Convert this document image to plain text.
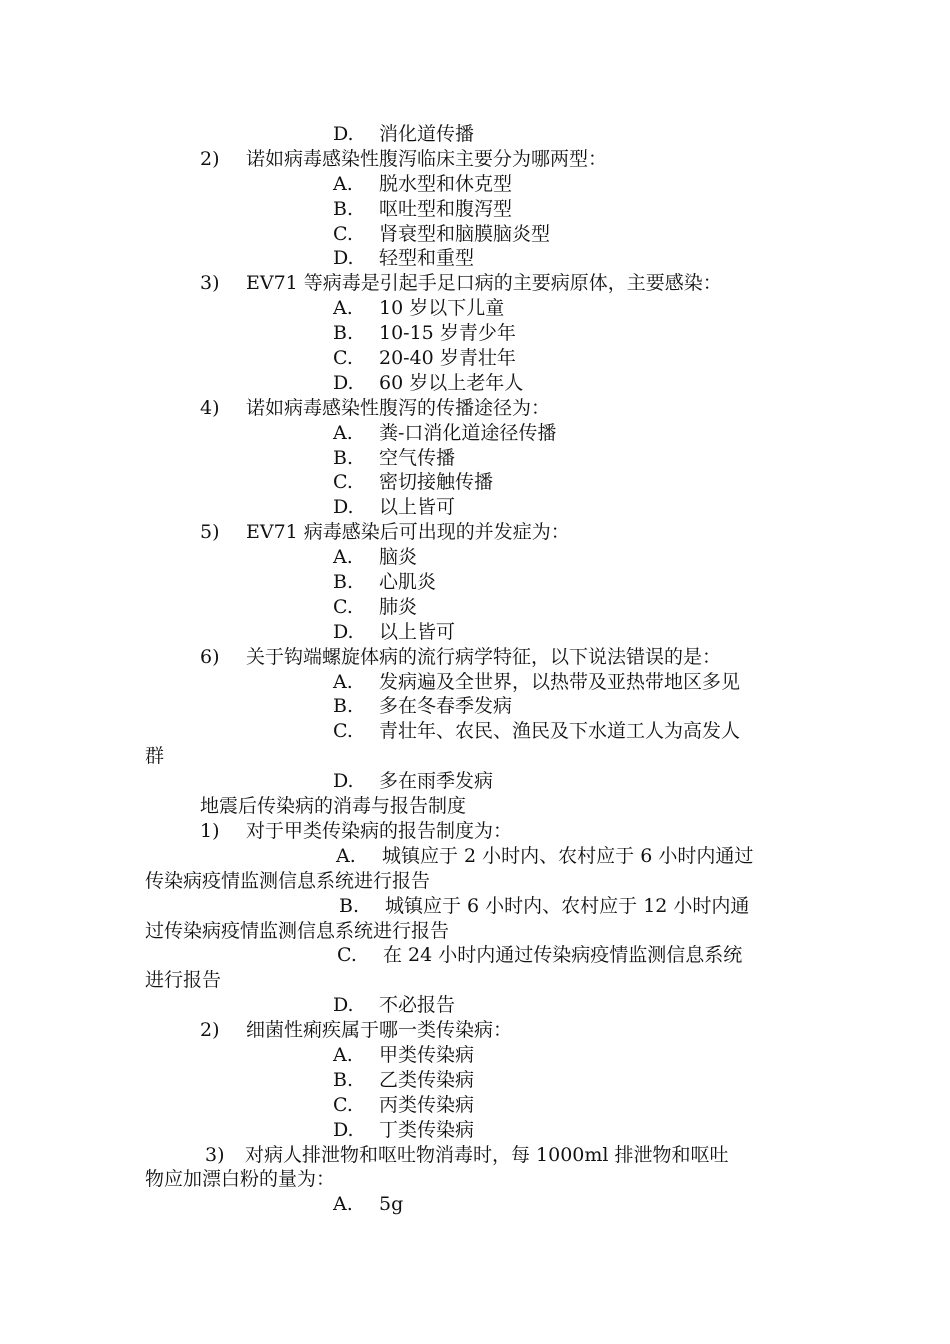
D. 消化道传播
2) 诺如病毒感染性腹泻临床主要分为哪两型：
A. 脱水型和休克型
B. 呕吐型和腹泻型
C. 肾衰型和脑膜脑炎型
D. 轻型和重型
3) EV71 等病毒是引起手足口病的主要病原体，主要感染：
A. 10 岁以下儿童
B. 10-15 岁青少年
C. 20-40 岁青壮年
D. 60 岁以上老年人
4) 诺如病毒感染性腹泻的传播途径为：
A. 粪-口消化道途径传播
B. 空气传播
C. 密切接触传播
D. 以上皆可
5) EV71 病毒感染后可出现的并发症为：
A. 脑炎
B. 心肌炎
C. 肺炎
D. 以上皆可
6) 关于钩端螺旋体病的流行病学特征，以下说法错误的是：
A. 发病遍及全世界，以热带及亚热带地区多见
B. 多在冬春季发病
C. 青壮年、农民、渔民及下水道工人为高发人
群
D. 多在雨季发病
地震后传染病的消毒与报告制度
1) 对于甲类传染病的报告制度为：
A. 城镇应于 2 小时内、农村应于 6 小时内通过
传染病疫情监测信息系统进行报告
B. 城镇应于 6 小时内、农村应于 12 小时内通
过传染病疫情监测信息系统进行报告
C. 在 24 小时内通过传染病疫情监测信息系统
进行报告
D. 不必报告
2) 细菌性痢疾属于哪一类传染病：
A. 甲类传染病
B. 乙类传染病
C. 丙类传染病
D. 丁类传染病
3) 对病人排泄物和呕吐物消毒时，每 1000ml 排泄物和呕吐
物应加漂白粉的量为：
A. 5g
